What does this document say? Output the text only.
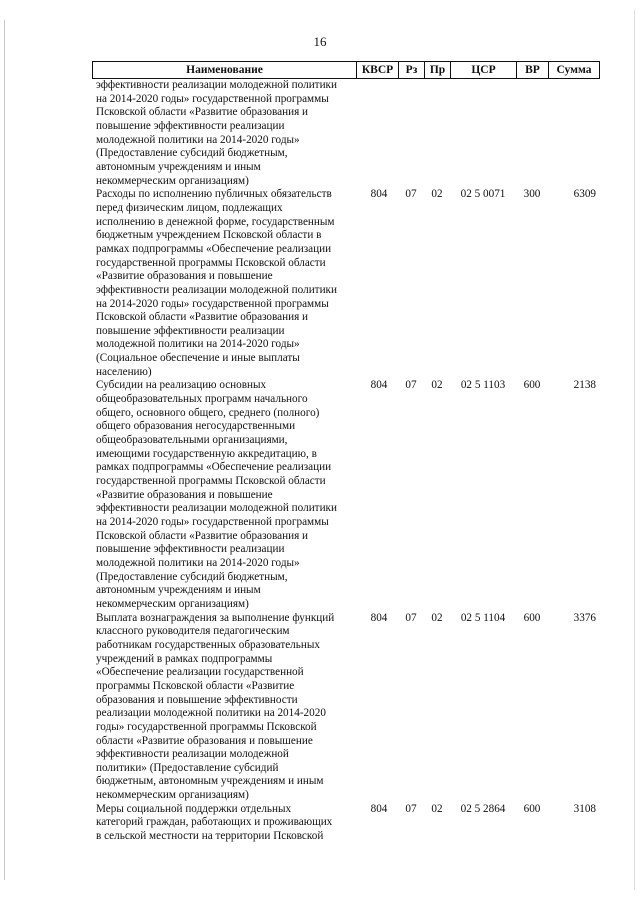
16
Наименование	КВСР	Рз	Пр	ЦСР	ВР	Сумма
эффективности реализации молодежной политики
на 2014-2020 годы» государственной программы
Псковской области «Развитие образования и
повышение эффективности реализации
молодежной политики на 2014-2020 годы»
(Предоставление субсидий бюджетным,
автономным учреждениям и иным
некоммерческим организациям)
Расходы по исполнению публичных обязательств
перед физическим лицом, подлежащих
исполнению в денежной форме, государственным
бюджетным учреждением Псковской области в
рамках подпрограммы «Обеспечение реализации
государственной программы Псковской области
«Развитие образования и повышение
эффективности реализации молодежной политики
на 2014-2020 годы» государственной программы
Псковской области «Развитие образования и
повышение эффективности реализации
молодежной политики на 2014-2020 годы»
(Социальное обеспечение и иные выплаты
населению)
804	07	02	02 5 0071	300	6309
Субсидии на реализацию основных
общеобразовательных программ начального
общего, основного общего, среднего (полного)
общего образования негосударственными
общеобразовательными организациями,
имеющими государственную аккредитацию, в
рамках подпрограммы «Обеспечение реализации
государственной программы Псковской области
«Развитие образования и повышение
эффективности реализации молодежной политики
на 2014-2020 годы» государственной программы
Псковской области «Развитие образования и
повышение эффективности реализации
молодежной политики на 2014-2020 годы»
(Предоставление субсидий бюджетным,
автономным учреждениям и иным
некоммерческим организациям)
804	07	02	02 5 1103	600	2138
Выплата вознаграждения за выполнение функций
классного руководителя педагогическим
работникам государственных образовательных
учреждений в рамках подпрограммы
«Обеспечение реализации государственной
программы Псковской области «Развитие
образования и повышение эффективности
реализации молодежной политики на 2014-2020
годы» государственной программы Псковской
области «Развитие образования и повышение
эффективности реализации молодежной
политики» (Предоставление субсидий
бюджетным, автономным учреждениям и иным
некоммерческим организациям)
804	07	02	02 5 1104	600	3376
Меры социальной поддержки отдельных
категорий граждан, работающих и проживающих
в сельской местности на территории Псковской
804	07	02	02 5 2864	600	3108
